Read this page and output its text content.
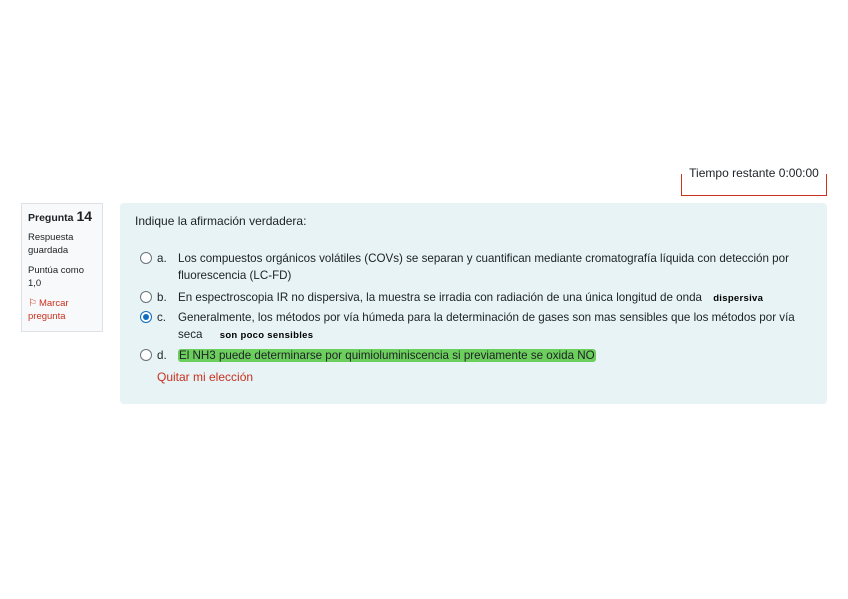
Tiempo restante 0:00:00
Pregunta 14
Respuesta guardada
Puntúa como 1,0
⚐ Marcar pregunta
Indique la afirmación verdadera:
a. Los compuestos orgánicos volátiles (COVs) se separan y cuantifican mediante cromatografía líquida con detección por fluorescencia (LC-FD)
b. En espectroscopia IR no dispersiva, la muestra se irradia con radiación de una única longitud de onda dispersiva
c. Generalmente, los métodos por vía húmeda para la determinación de gases son mas sensibles que los métodos por vía seca son poco sensibles
d. El NH3 puede determinarse por quimioluminiscencia si previamente se oxida NO
Quitar mi elección
